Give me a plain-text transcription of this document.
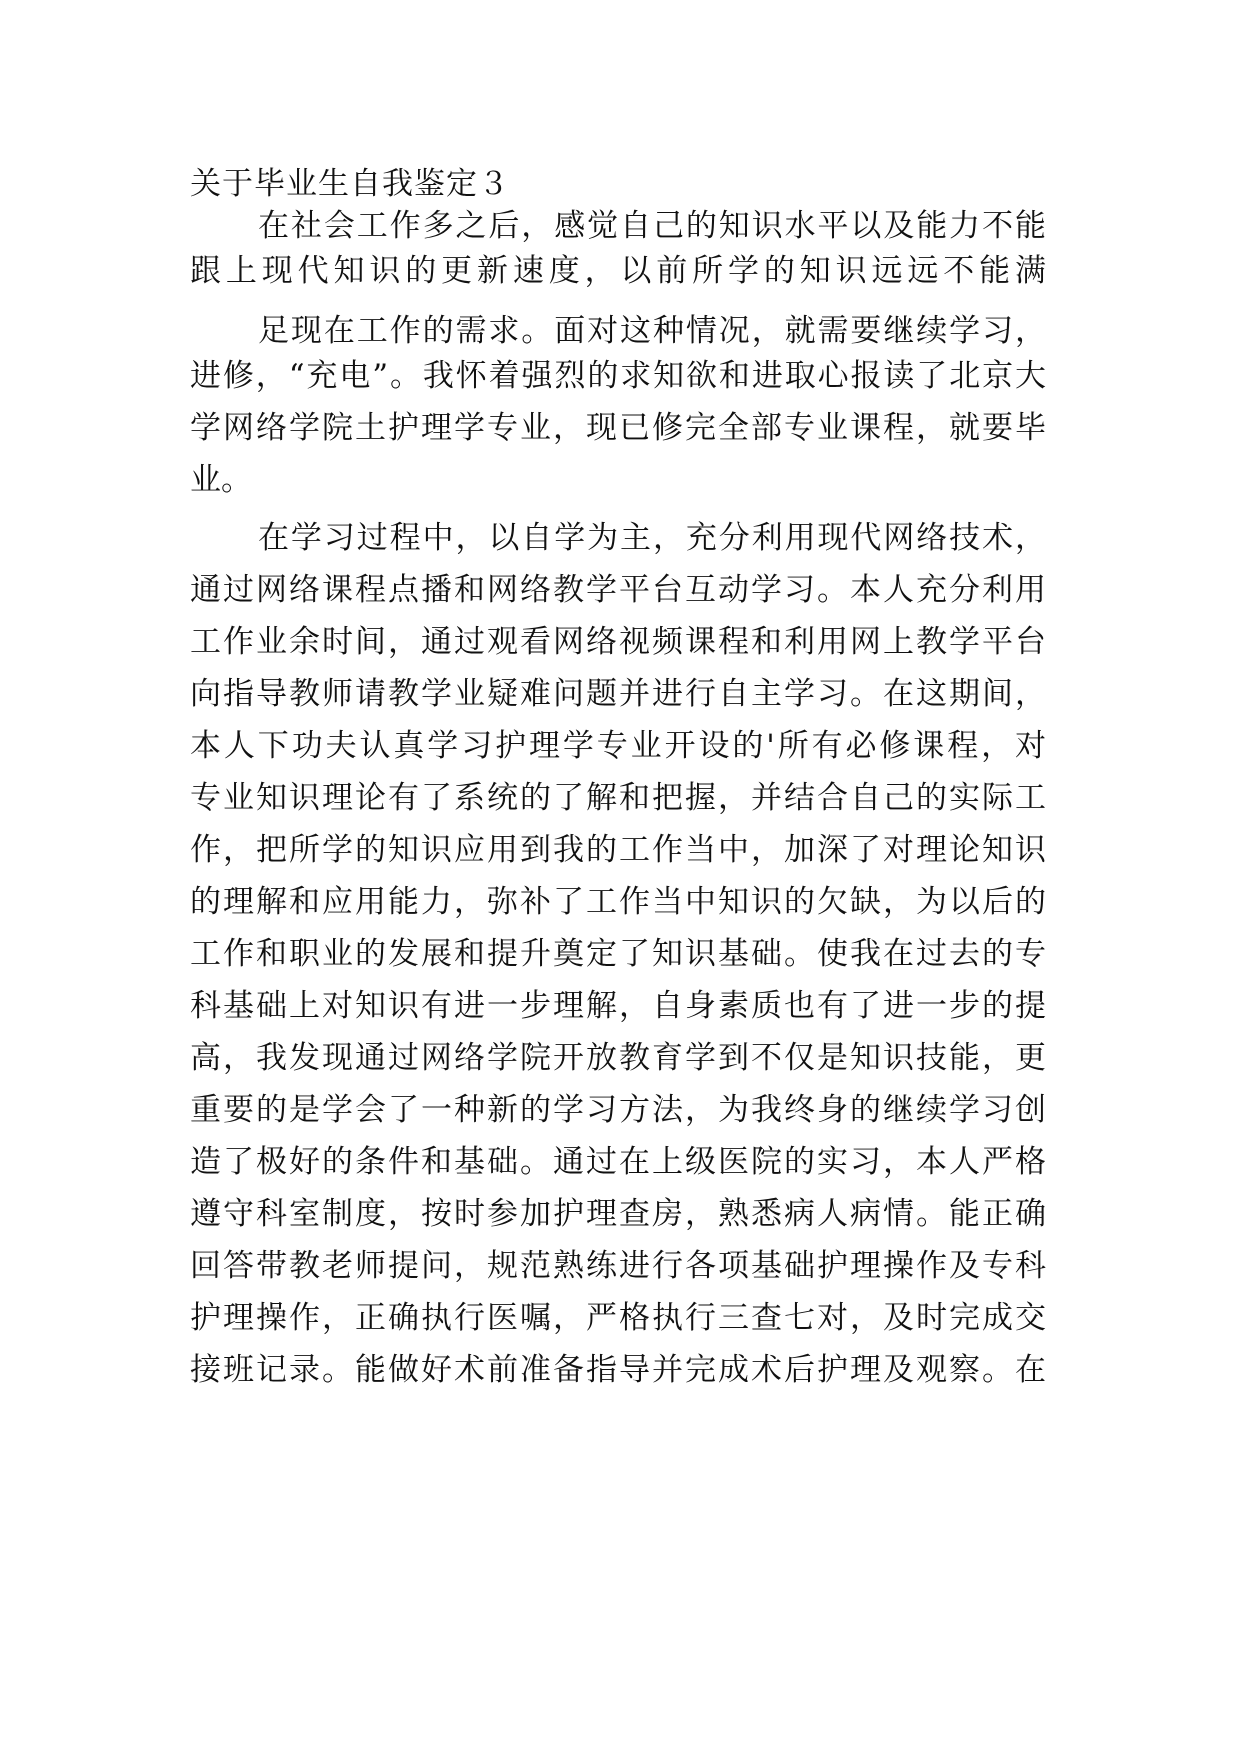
关于毕业生自我鉴定３
在社会工作多之后，感觉自己的知识水平以及能力不能
跟上现代知识的更新速度，以前所学的知识远远不能满
足现在工作的需求。面对这种情况，就需要继续学习，
进修，“充电”。我怀着强烈的求知欲和进取心报读了北京大
学网络学院土护理学专业，现已修完全部专业课程，就要毕
业。
在学习过程中，以自学为主，充分利用现代网络技术，
通过网络课程点播和网络教学平台互动学习。本人充分利用
工作业余时间，通过观看网络视频课程和利用网上教学平台
向指导教师请教学业疑难问题并进行自主学习。在这期间，
本人下功夫认真学习护理学专业开设的'所有必修课程，对
专业知识理论有了系统的了解和把握，并结合自己的实际工
作，把所学的知识应用到我的工作当中，加深了对理论知识
的理解和应用能力，弥补了工作当中知识的欠缺，为以后的
工作和职业的发展和提升奠定了知识基础。使我在过去的专
科基础上对知识有进一步理解，自身素质也有了进一步的提
高，我发现通过网络学院开放教育学到不仅是知识技能，更
重要的是学会了一种新的学习方法，为我终身的继续学习创
造了极好的条件和基础。通过在上级医院的实习，本人严格
遵守科室制度，按时参加护理查房，熟悉病人病情。能正确
回答带教老师提问，规范熟练进行各项基础护理操作及专科
护理操作，正确执行医嘱，严格执行三查七对，及时完成交
接班记录。能做好术前准备指导并完成术后护理及观察。在
